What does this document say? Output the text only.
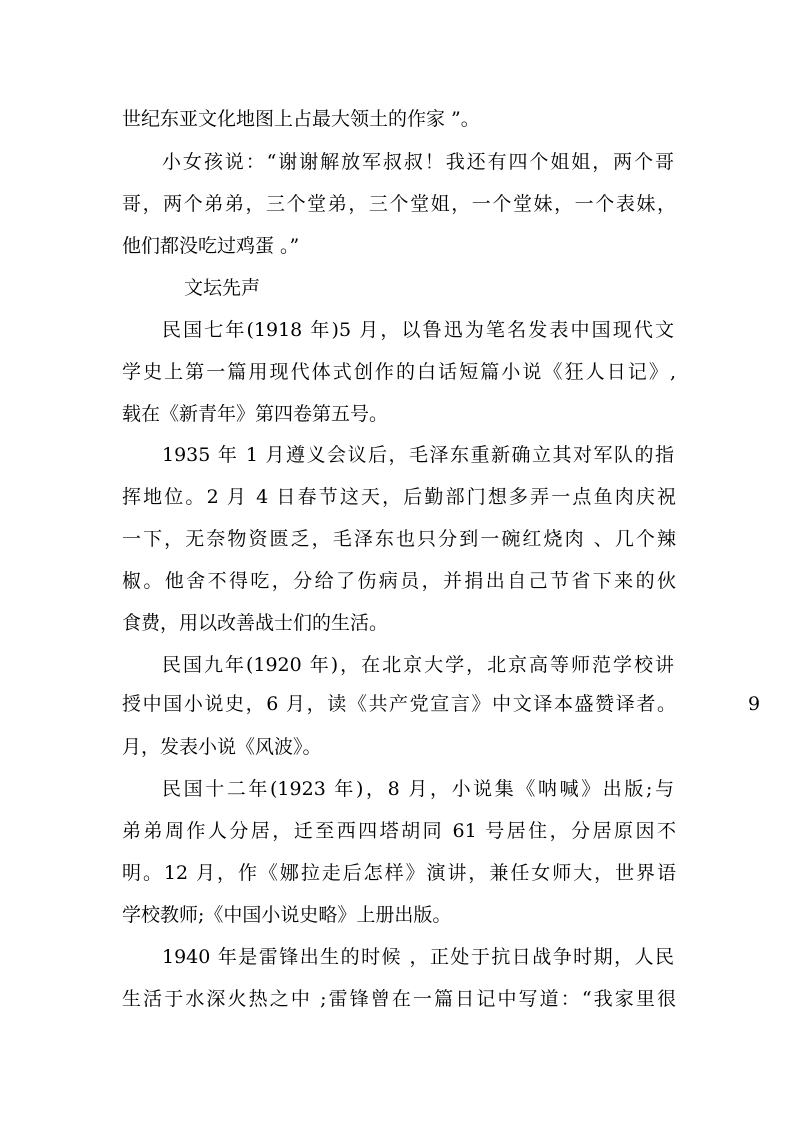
世纪东亚文化地图上占最大领土的作家 ”。
小女孩说：“谢谢解放军叔叔！我还有四个姐姐，两个哥
哥，两个弟弟，三个堂弟，三个堂姐，一个堂妹，一个表妹，
他们都没吃过鸡蛋 。”
文坛先声
民国七年(1918 年)5 月，以鲁迅为笔名发表中国现代文
学史上第一篇用现代体式创作的白话短篇小说《狂人日记》,
载在《新青年》第四卷第五号。
1935 年 1 月遵义会议后，毛泽东重新确立其对军队的指
挥地位。2 月 4 日春节这天，后勤部门想多弄一点鱼肉庆祝
一下，无奈物资匮乏，毛泽东也只分到一碗红烧肉 、几个辣
椒。他舍不得吃，分给了伤病员，并捐出自己节省下来的伙
食费，用以改善战士们的生活。
民国九年(1920 年)，在北京大学，北京高等师范学校讲
授中国小说史，6 月，读《共产党宣言》中文译本盛赞译者。	9
月，发表小说《风波》。
民国十二年(1923 年)，8 月，小说集《呐喊》出版;与
弟弟周作人分居，迁至西四塔胡同 61 号居住，分居原因不
明。12 月，作《娜拉走后怎样》演讲，兼任女师大，世界语
学校教师;《中国小说史略》上册出版。
1940 年是雷锋出生的时候 ，正处于抗日战争时期，人民
生活于水深火热之中 ;雷锋曾在一篇日记中写道：“我家里很
